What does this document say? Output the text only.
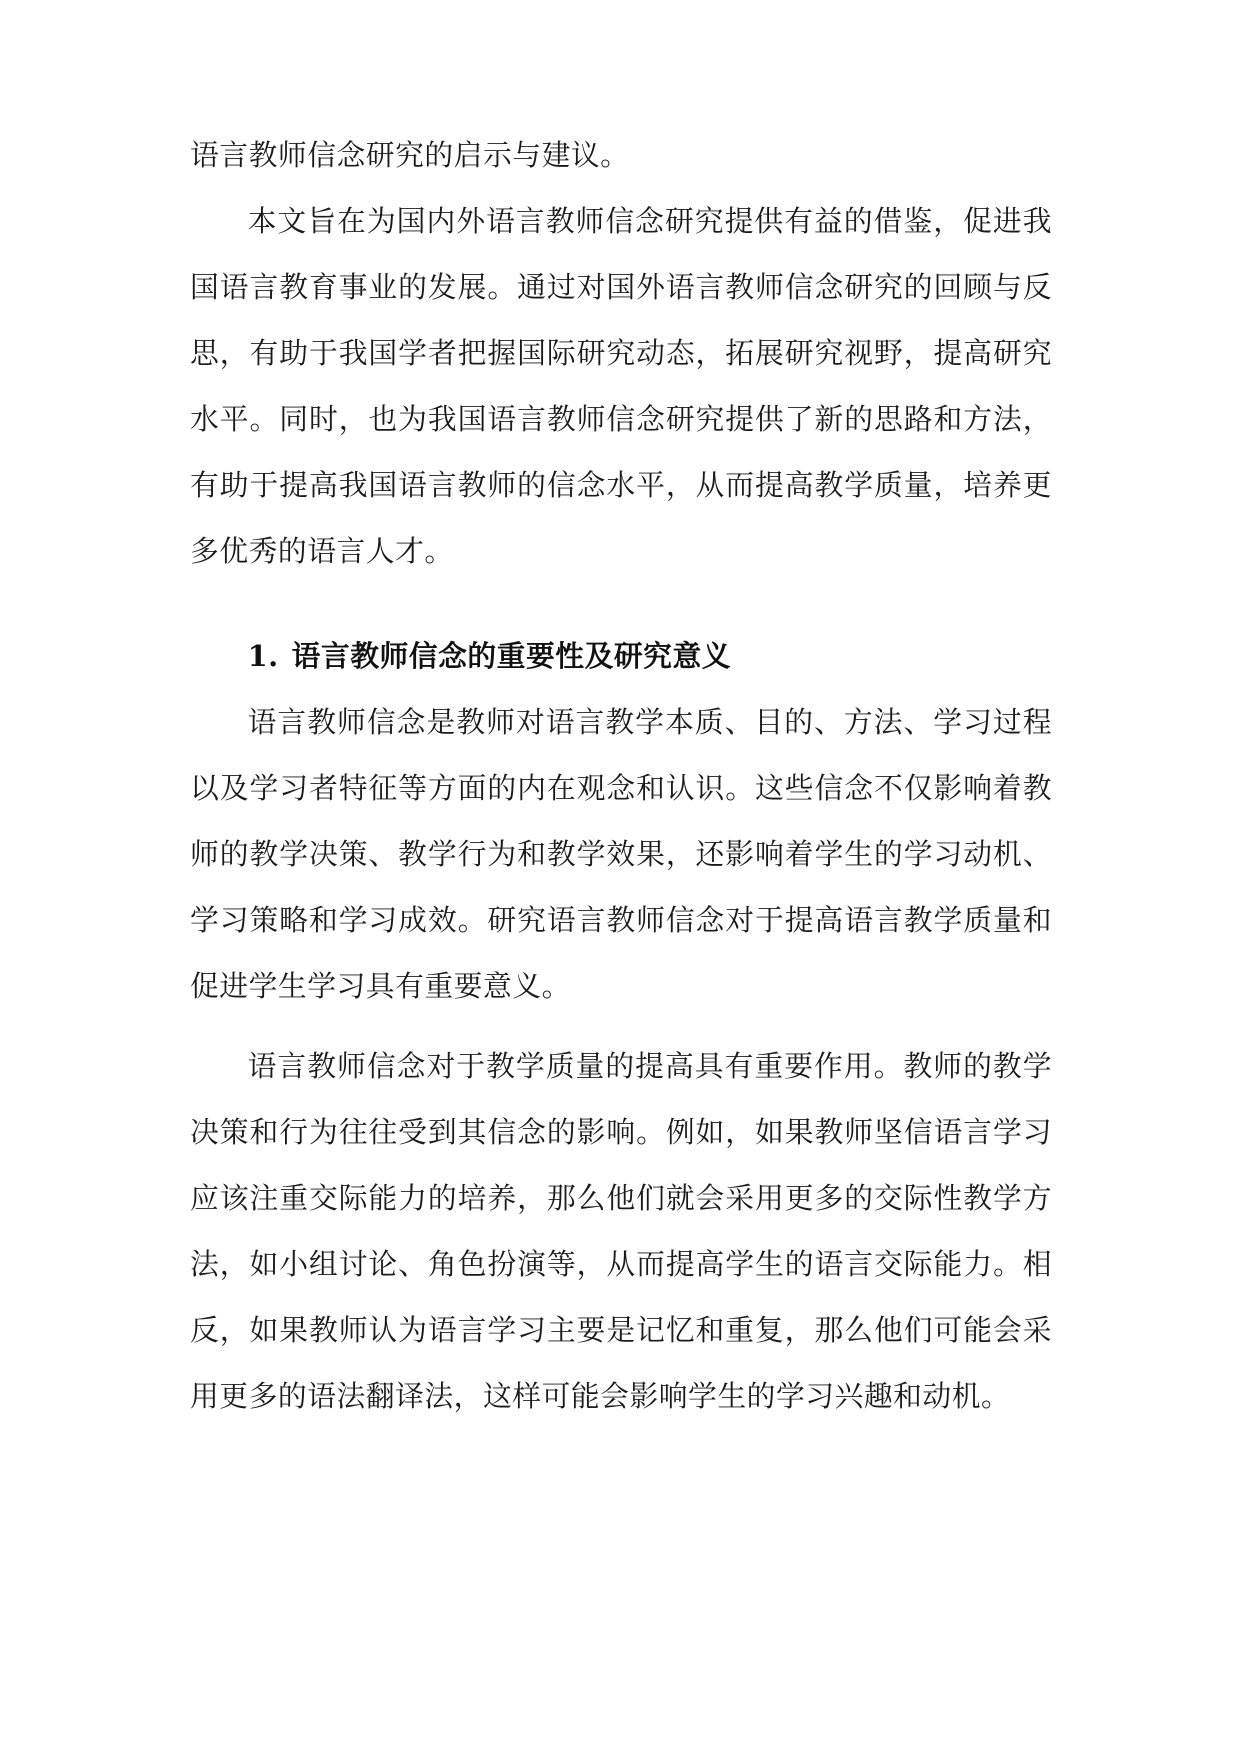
语言教师信念研究的启示与建议。

本文旨在为国内外语言教师信念研究提供有益的借鉴，促进我国语言教育事业的发展。通过对国外语言教师信念研究的回顾与反思，有助于我国学者把握国际研究动态，拓展研究视野，提高研究水平。同时，也为我国语言教师信念研究提供了新的思路和方法，有助于提高我国语言教师的信念水平，从而提高教学质量，培养更多优秀的语言人才。

1. 语言教师信念的重要性及研究意义

语言教师信念是教师对语言教学本质、目的、方法、学习过程以及学习者特征等方面的内在观念和认识。这些信念不仅影响着教师的教学决策、教学行为和教学效果，还影响着学生的学习动机、学习策略和学习成效。研究语言教师信念对于提高语言教学质量和促进学生学习具有重要意义。

语言教师信念对于教学质量的提高具有重要作用。教师的教学决策和行为往往受到其信念的影响。例如，如果教师坚信语言学习应该注重交际能力的培养，那么他们就会采用更多的交际性教学方法，如小组讨论、角色扮演等，从而提高学生的语言交际能力。相反，如果教师认为语言学习主要是记忆和重复，那么他们可能会采用更多的语法翻译法，这样可能会影响学生的学习兴趣和动机。
